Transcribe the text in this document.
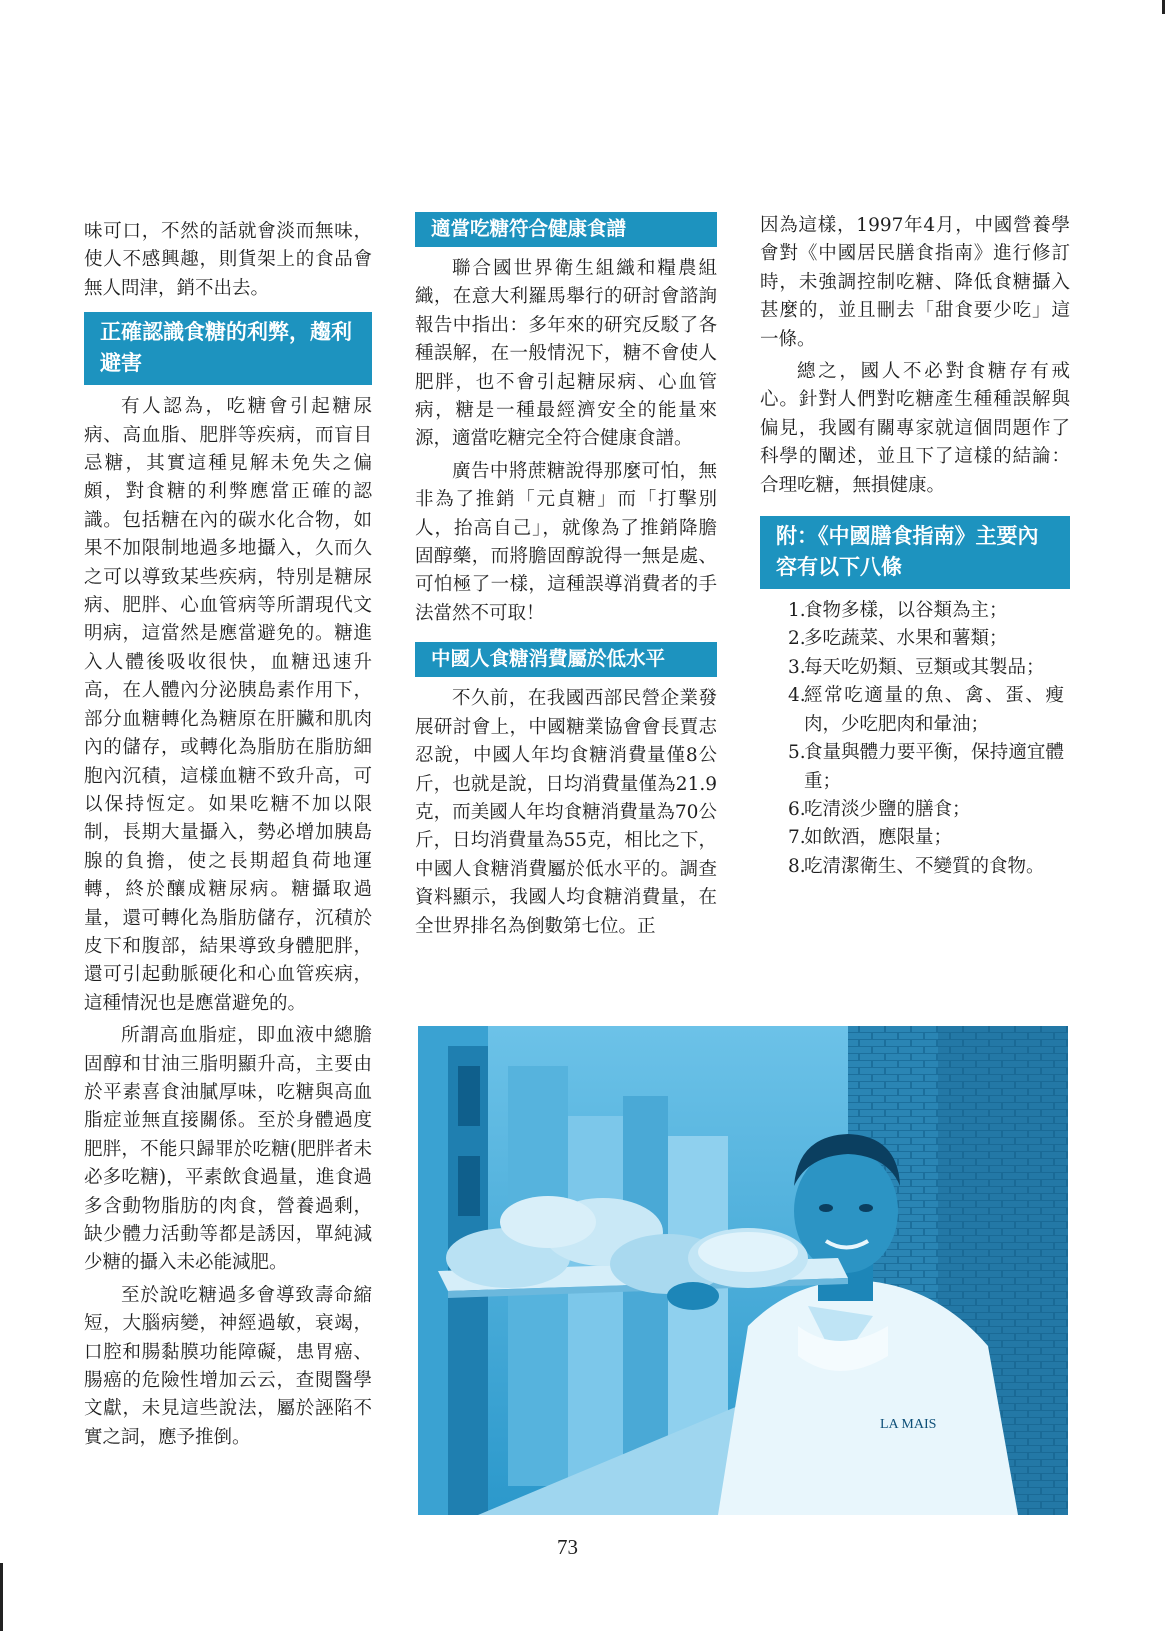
味可口，不然的話就會淡而無味，使人不感興趣，則貨架上的食品會無人問津，銷不出去。

正確認識食糖的利弊，趨利避害

有人認為，吃糖會引起糖尿病、高血脂、肥胖等疾病，而盲目忌糖，其實這種見解未免失之偏頗，對食糖的利弊應當正確的認識。包括糖在內的碳水化合物，如果不加限制地過多地攝入，久而久之可以導致某些疾病，特別是糖尿病、肥胖、心血管病等所謂現代文明病，這當然是應當避免的。糖進入人體後吸收很快，血糖迅速升高，在人體內分泌胰島素作用下，部分血糖轉化為糖原在肝臟和肌肉內的儲存，或轉化為脂肪在脂肪細胞內沉積，這樣血糖不致升高，可以保持恆定。如果吃糖不加以限制，長期大量攝入，勢必增加胰島腺的負擔，使之長期超負荷地運轉，終於釀成糖尿病。糖攝取過量，還可轉化為脂肪儲存，沉積於皮下和腹部，結果導致身體肥胖，還可引起動脈硬化和心血管疾病，這種情況也是應當避免的。

所謂高血脂症，即血液中總膽固醇和甘油三脂明顯升高，主要由於平素喜食油膩厚味，吃糖與高血脂症並無直接關係。至於身體過度肥胖，不能只歸罪於吃糖(肥胖者未必多吃糖)，平素飲食過量，進食過多含動物脂肪的肉食，營養過剩，缺少體力活動等都是誘因，單純減少糖的攝入未必能減肥。

至於說吃糖過多會導致壽命縮短，大腦病變，神經過敏，衰竭，口腔和腸黏膜功能障礙，患胃癌、腸癌的危險性增加云云，查閱醫學文獻，未見這些說法，屬於誣陷不實之詞，應予推倒。

適當吃糖符合健康食譜

聯合國世界衛生組織和糧農組織，在意大利羅馬舉行的研討會諮詢報告中指出：多年來的研究反駁了各種誤解，在一般情況下，糖不會使人肥胖，也不會引起糖尿病、心血管病，糖是一種最經濟安全的能量來源，適當吃糖完全符合健康食譜。

廣告中將蔗糖說得那麼可怕，無非為了推銷「元貞糖」而「打擊別人，抬高自己」，就像為了推銷降膽固醇藥，而將膽固醇說得一無是處、可怕極了一樣，這種誤導消費者的手法當然不可取！

中國人食糖消費屬於低水平

不久前，在我國西部民營企業發展研討會上，中國糖業協會會長賈志忍說，中國人年均食糖消費量僅8公斤，也就是說，日均消費量僅為21.9克，而美國人年均食糖消費量為70公斤，日均消費量為55克，相比之下，中國人食糖消費屬於低水平的。調查資料顯示，我國人均食糖消費量，在全世界排名為倒數第七位。正

因為這樣，1997年4月，中國營養學會對《中國居民膳食指南》進行修訂時，未強調控制吃糖、降低食糖攝入甚麼的，並且刪去「甜食要少吃」這一條。

總之，國人不必對食糖存有戒心。針對人們對吃糖產生種種誤解與偏見，我國有關專家就這個問題作了科學的闡述，並且下了這樣的結論：合理吃糖，無損健康。

附：《中國膳食指南》主要內容有以下八條
1.
食物多樣，以谷類為主；
2.
多吃蔬菜、水果和薯類；
3.
每天吃奶類、豆類或其製品；
4.
經常吃適量的魚、禽、蛋、瘦肉，少吃肥肉和暈油；
5.
食量與體力要平衡，保持適宜體重；
6.
吃清淡少鹽的膳食；
7.
如飲酒，應限量；
8.
吃清潔衛生、不變質的食物。
LA MAIS
73
